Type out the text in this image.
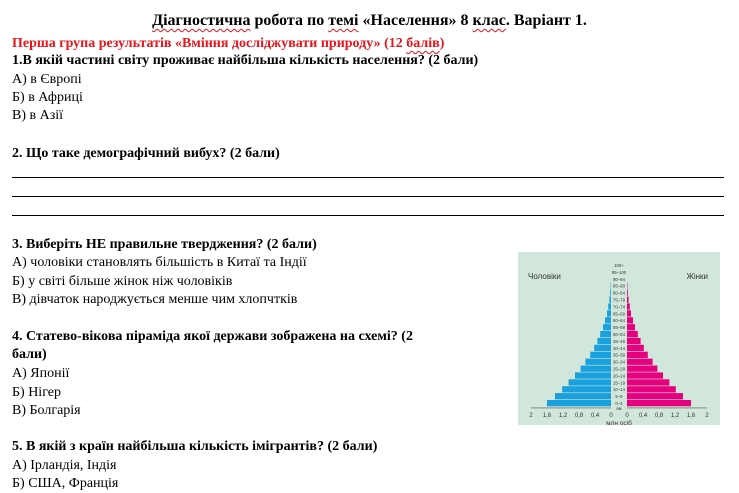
Діагностична робота по темі «Населення» 8 клас. Варіант 1.
Перша група результатів «Вміння досліджувати природу» (12 балів)
1.В якій частині світу проживає найбільша кількість населення? (2 бали)
А) в Європі
Б) в Африці
В) в Азії
2. Що таке демографічний вибух? (2 бали)
3. Виберіть НЕ правильне твердження? (2 бали)
А) чоловіки становлять більшість в Китаї та Індії
Б) у світі більше жінок ніж чоловіків
В) дівчаток народжується менше чим хлопчтків
4. Статево-вікова піраміда якої держави зображена на схемі? (2
бали)
А) Японії
Б) Нігер
В) Болгарія
5. В якій з країн найбільша кількість імігрантів? (2 бали)
А) Ірландія, Індія
Б) США, Франція
Чоловіки	Жінки
100+
95–100
90–94
85–90
80–84
75–79
70–74
65–69
60–64
55–59
50–54
45–49
40–44
35–39
30–34
25–29
20–24
15–19
10–14
5–9
0–4
вік
2 1,6 1,2 0,8 0,4 0 0 0,4 0,8 1,2 1,6 2
млн осіб
